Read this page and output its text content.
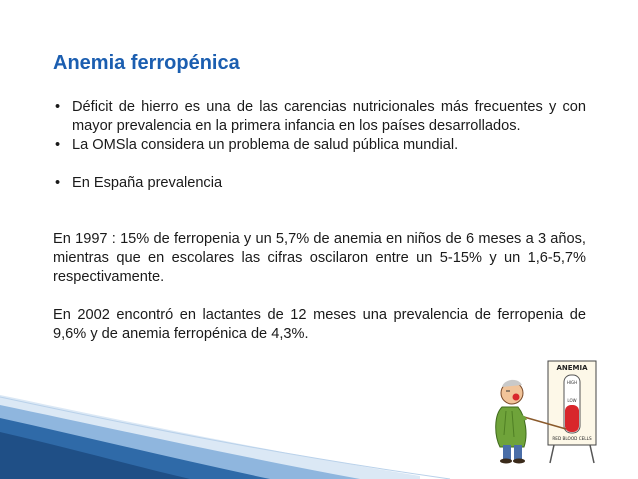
Anemia ferropénica
• Déficit de hierro es una de las carencias nutricionales más frecuentes y con mayor prevalencia en la primera infancia en los países desarrollados.
• La OMSla considera un problema de salud pública mundial.
• En España prevalencia
En 1997 : 15% de ferropenia y un 5,7% de anemia en niños de 6 meses a 3 años, mientras que en escolares las cifras oscilaron entre un 5-15% y un 1,6-5,7% respectivamente.
En 2002 encontró en lactantes de 12 meses una prevalencia de ferropenia de 9,6% y de anemia ferropénica de 4,3%.
ANEMIA
HIGH
LOW
RED BLOOD CELLS
